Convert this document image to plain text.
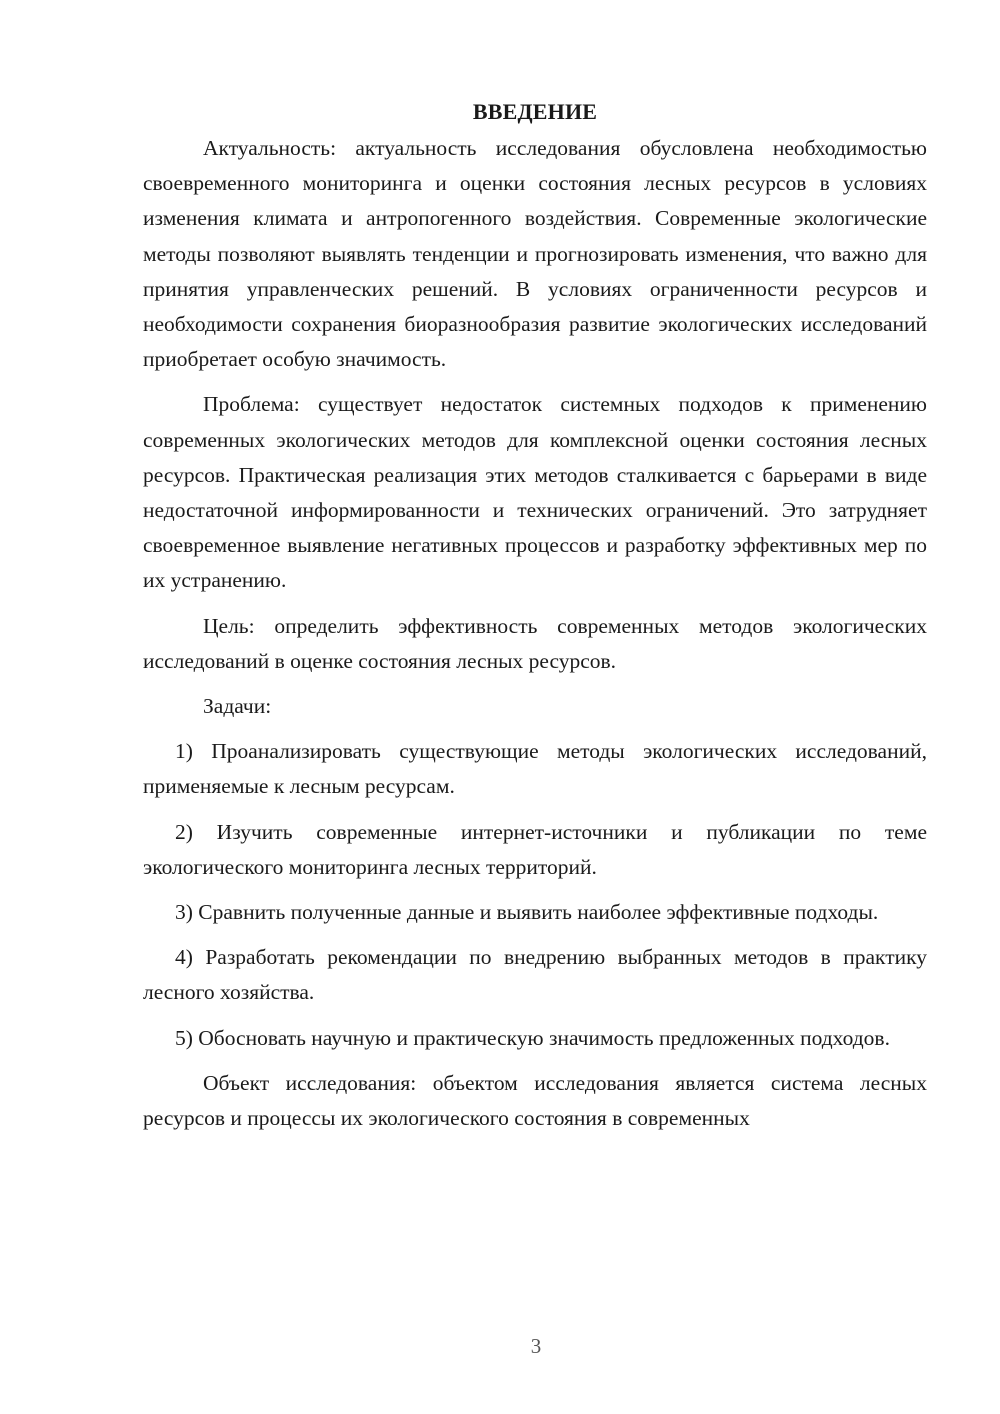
ВВЕДЕНИЕ

Актуальность: актуальность исследования обусловлена необходимостью своевременного мониторинга и оценки состояния лесных ресурсов в условиях изменения климата и антропогенного воздействия. Современные экологические методы позволяют выявлять тенденции и прогнозировать изменения, что важно для принятия управленческих решений. В условиях ограниченности ресурсов и необходимости сохранения биоразнообразия развитие экологических исследований приобретает особую значимость.

Проблема: существует недостаток системных подходов к применению современных экологических методов для комплексной оценки состояния лесных ресурсов. Практическая реализация этих методов сталкивается с барьерами в виде недостаточной информированности и технических ограничений. Это затрудняет своевременное выявление негативных процессов и разработку эффективных мер по их устранению.

Цель: определить эффективность современных методов экологических исследований в оценке состояния лесных ресурсов.

Задачи:

1) Проанализировать существующие методы экологических исследований, применяемые к лесным ресурсам.

2) Изучить современные интернет-источники и публикации по теме экологического мониторинга лесных территорий.

3) Сравнить полученные данные и выявить наиболее эффективные подходы.

4) Разработать рекомендации по внедрению выбранных методов в практику лесного хозяйства.

5) Обосновать научную и практическую значимость предложенных подходов.

Объект исследования: объектом исследования является система лесных ресурсов и процессы их экологического состояния в современных

3
